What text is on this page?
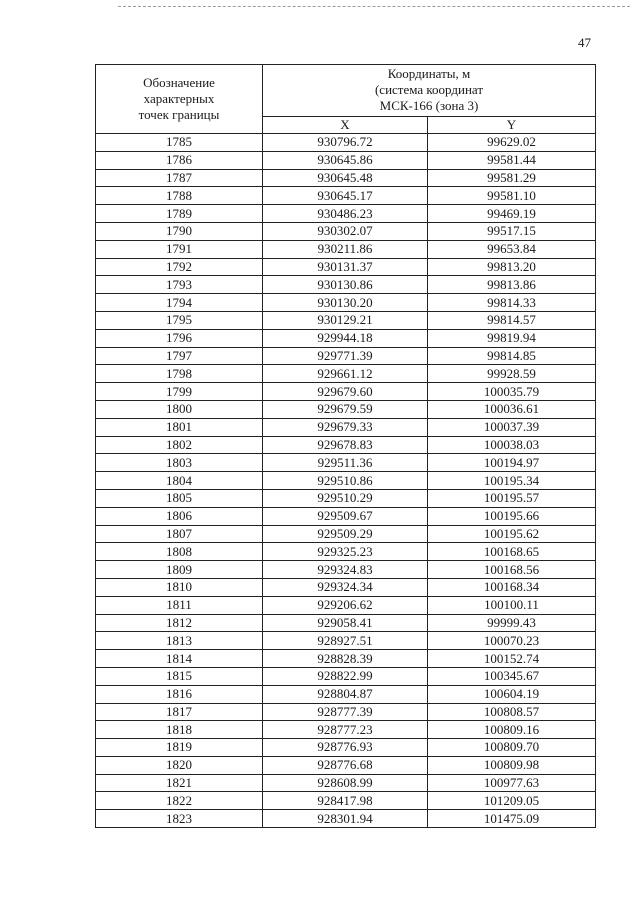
47
Обозначение
характерных
точек границы	Координаты, м
(система координат
МСК-166 (зона 3)	
	X	Y
1785	930796.72	99629.02
1786	930645.86	99581.44
1787	930645.48	99581.29
1788	930645.17	99581.10
1789	930486.23	99469.19
1790	930302.07	99517.15
1791	930211.86	99653.84
1792	930131.37	99813.20
1793	930130.86	99813.86
1794	930130.20	99814.33
1795	930129.21	99814.57
1796	929944.18	99819.94
1797	929771.39	99814.85
1798	929661.12	99928.59
1799	929679.60	100035.79
1800	929679.59	100036.61
1801	929679.33	100037.39
1802	929678.83	100038.03
1803	929511.36	100194.97
1804	929510.86	100195.34
1805	929510.29	100195.57
1806	929509.67	100195.66
1807	929509.29	100195.62
1808	929325.23	100168.65
1809	929324.83	100168.56
1810	929324.34	100168.34
1811	929206.62	100100.11
1812	929058.41	99999.43
1813	928927.51	100070.23
1814	928828.39	100152.74
1815	928822.99	100345.67
1816	928804.87	100604.19
1817	928777.39	100808.57
1818	928777.23	100809.16
1819	928776.93	100809.70
1820	928776.68	100809.98
1821	928608.99	100977.63
1822	928417.98	101209.05
1823	928301.94	101475.09
